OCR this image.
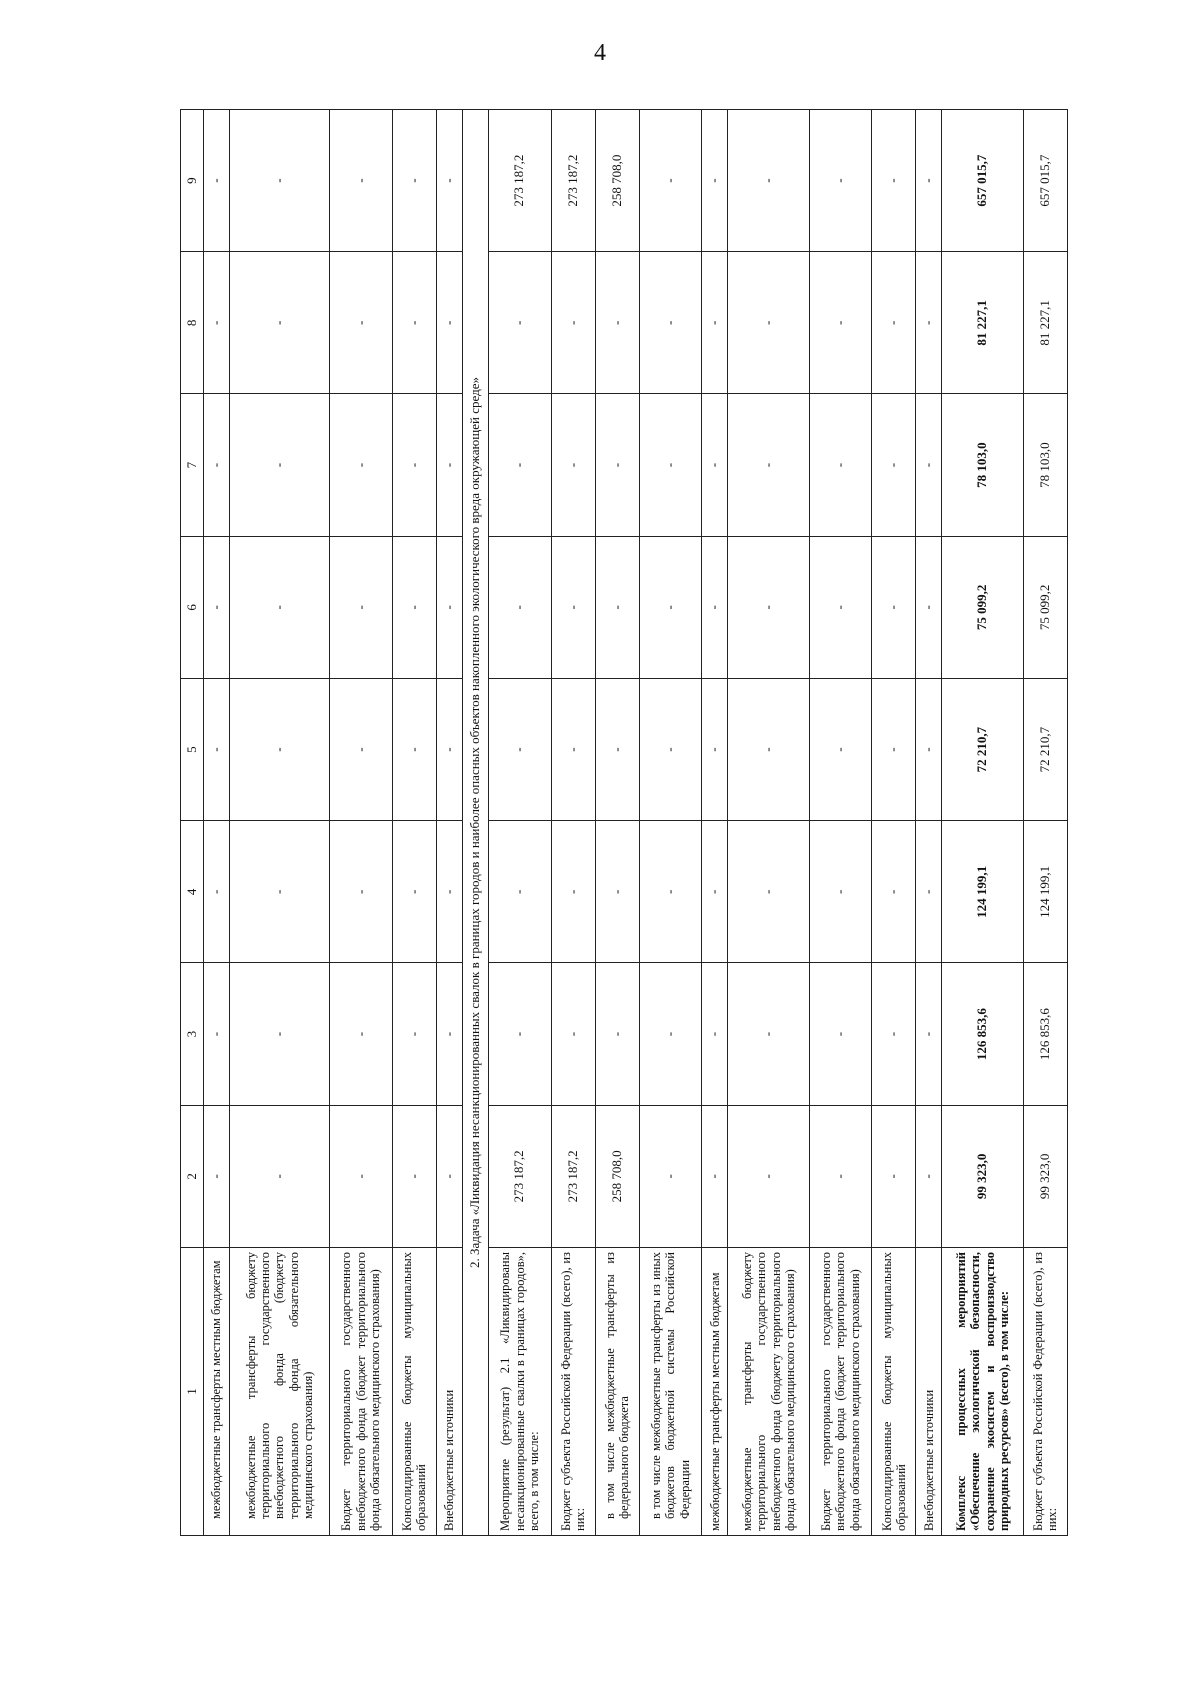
4
1	2	3	4	5	6	7	8	9
межбюджетные трансферты местным бюджетам	-	-	-	-	-	-	-	-
межбюджетные трансферты бюджету территориального государственного внебюджетного фонда (бюджету территориального фонда обязательного медицинского страхования)	-	-	-	-	-	-	-	-
Бюджет территориального государственного внебюджетного фонда (бюджет территориального фонда обязательного медицинского страхования)	-	-	-	-	-	-	-	-
Консолидированные бюджеты муниципальных образований	-	-	-	-	-	-	-	-
Внебюджетные источники	-	-	-	-	-	-	-	-
2. Задача «Ликвидация несанкционированных свалок в границах городов и наиболее опасных объектов накопленного экологического вреда окружающей среде»								
Мероприятие (результат) 2.1 «Ликвидированы несанкционированные свалки в границах городов», всего, в том числе:	273 187,2	-	-	-	-	-	-	273 187,2
Бюджет субъекта Российской Федерации (всего), из них:	273 187,2	-	-	-	-	-	-	273 187,2
в том числе межбюджетные трансферты из федерального бюджета	258 708,0	-	-	-	-	-	-	258 708,0
в том числе межбюджетные трансферты из иных бюджетов бюджетной системы Российской Федерации	-	-	-	-	-	-	-	-
межбюджетные трансферты местным бюджетам	-	-	-	-	-	-	-	-
межбюджетные трансферты бюджету территориального государственного внебюджетного фонда (бюджету территориального фонда обязательного медицинского страхования)	-	-	-	-	-	-	-	-
Бюджет территориального государственного внебюджетного фонда (бюджет территориального фонда обязательного медицинского страхования)	-	-	-	-	-	-	-	-
Консолидированные бюджеты муниципальных образований	-	-	-	-	-	-	-	-
Внебюджетные источники	-	-	-	-	-	-	-	-
Комплекс процессных мероприятий «Обеспечение экологической безопасности, сохранение экосистем и воспроизводство природных ресурсов» (всего), в том числе:	99 323,0	126 853,6	124 199,1	72 210,7	75 099,2	78 103,0	81 227,1	657 015,7
Бюджет субъекта Российской Федерации (всего), из них:	99 323,0	126 853,6	124 199,1	72 210,7	75 099,2	78 103,0	81 227,1	657 015,7
